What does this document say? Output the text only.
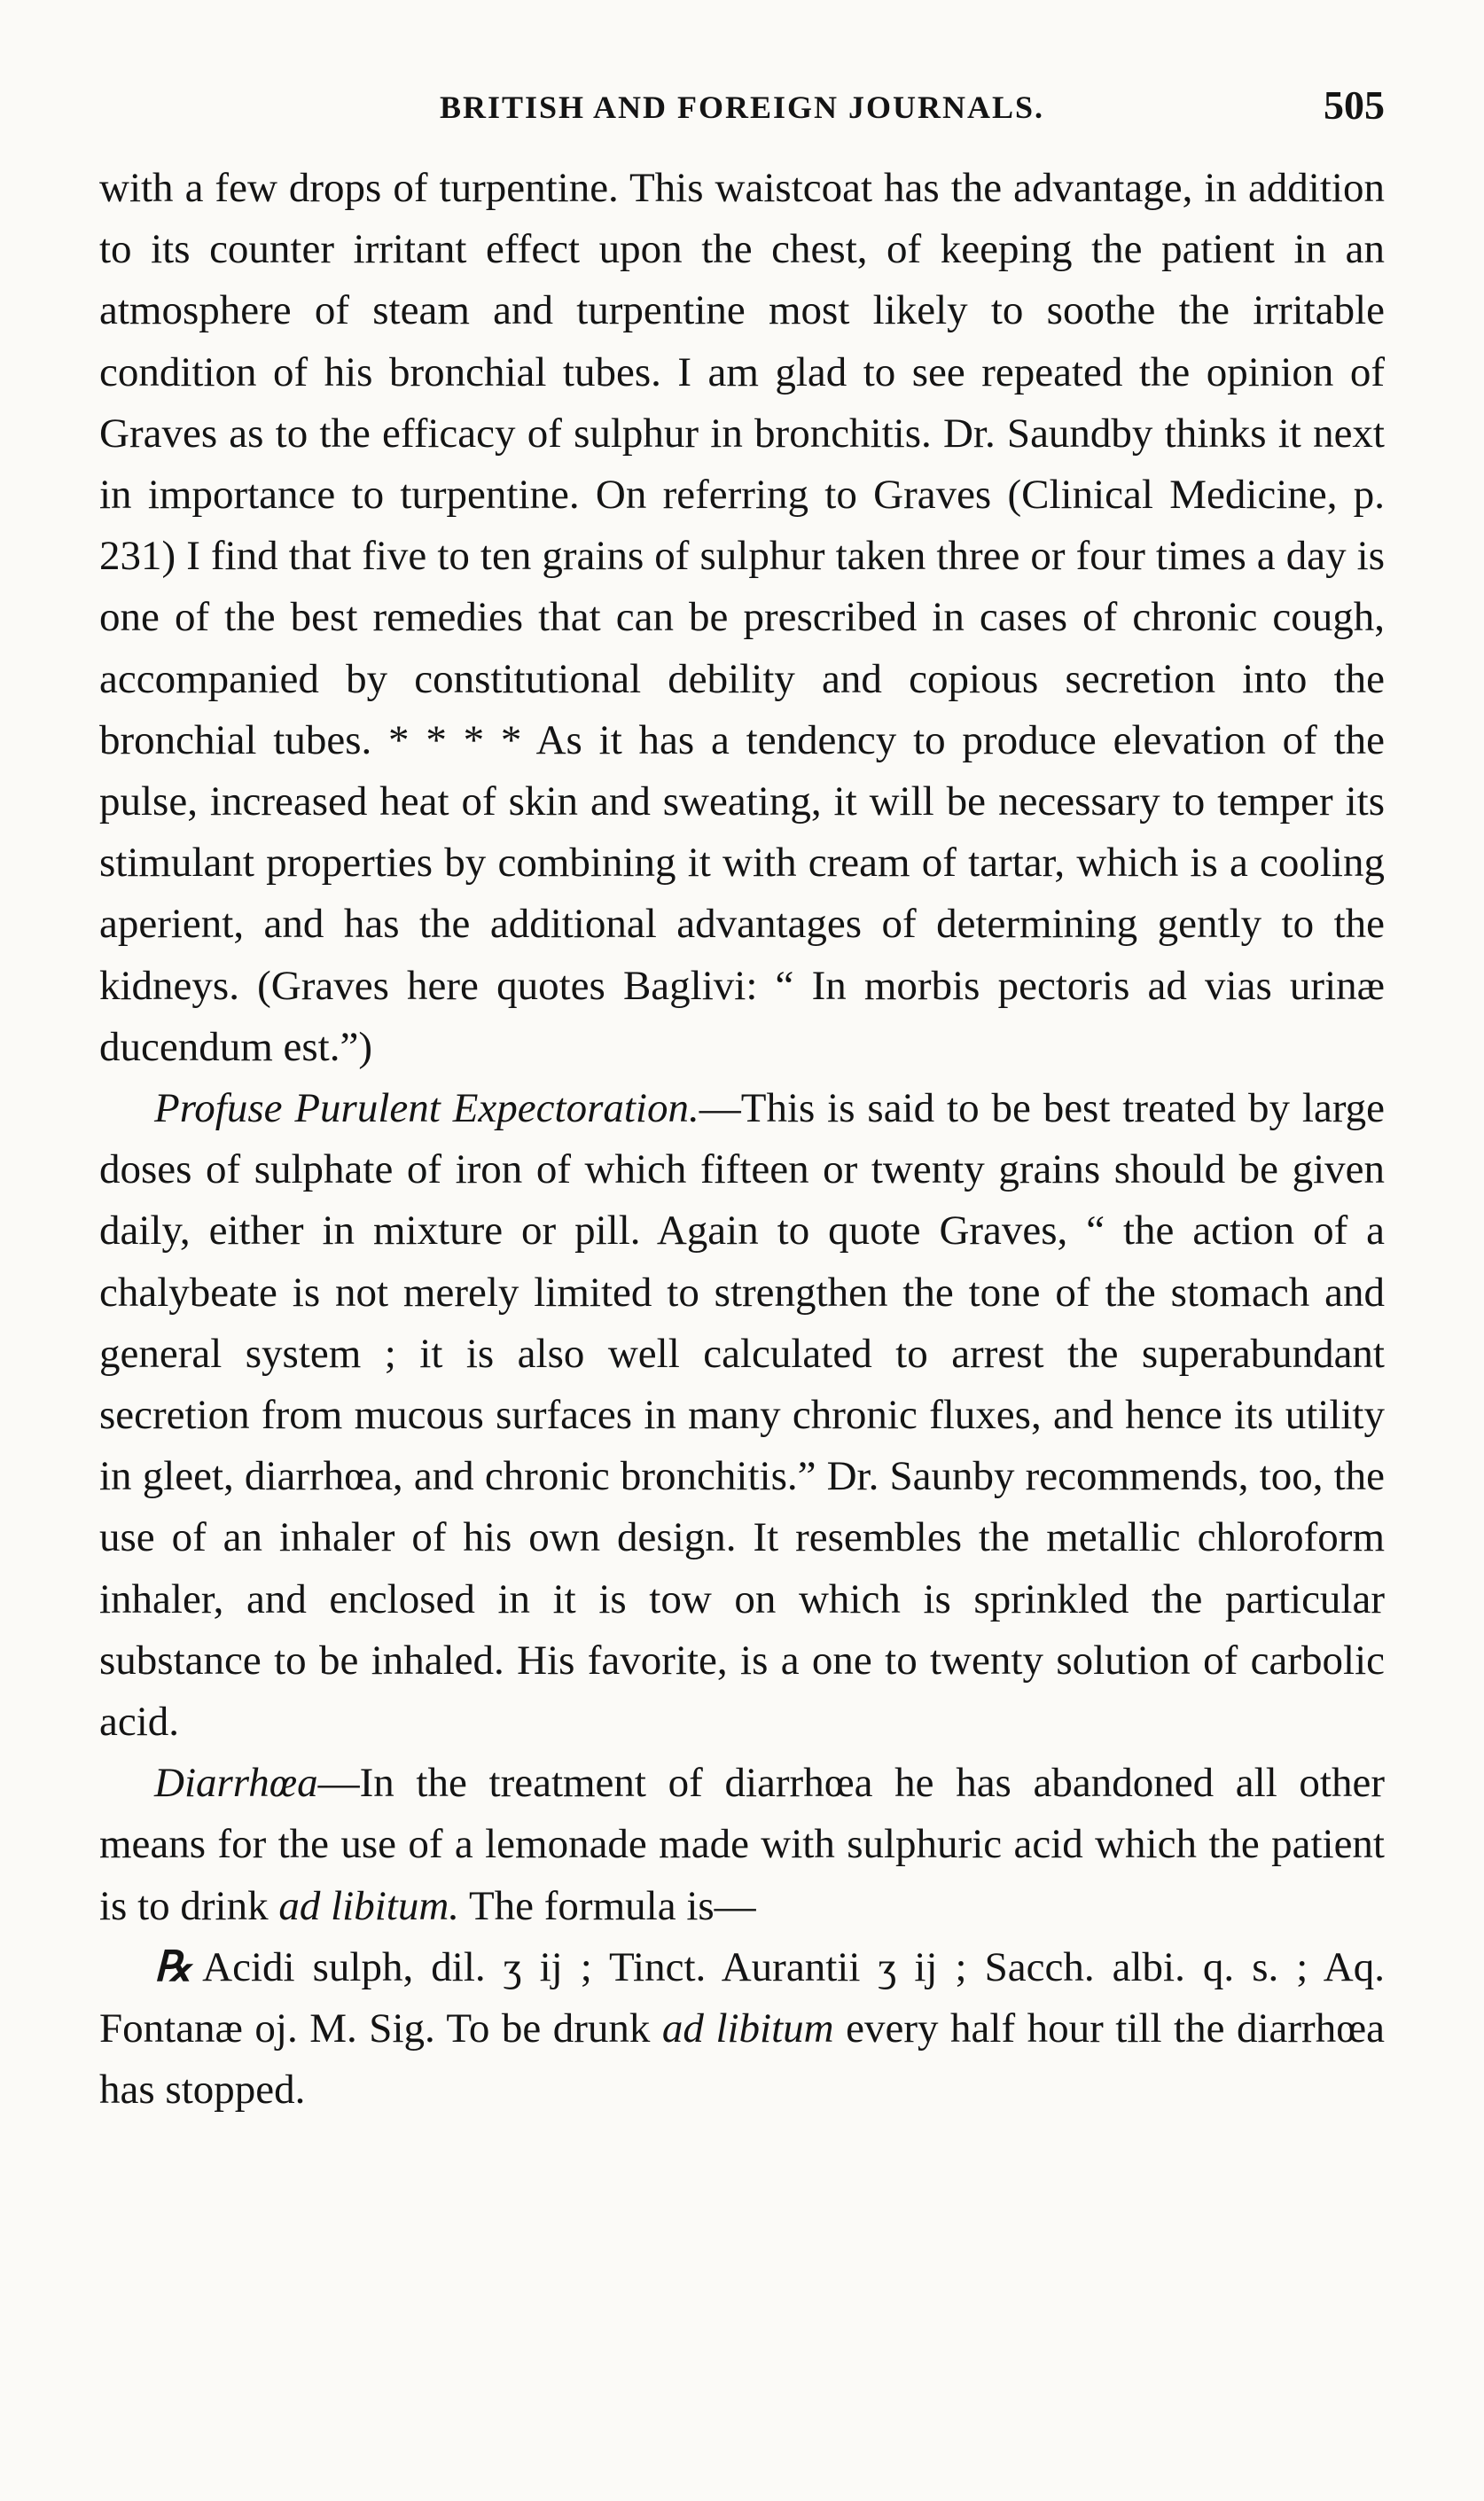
BRITISH AND FOREIGN JOURNALS.	505

with a few drops of turpentine. This waistcoat has the advantage, in addition to its counter irritant effect upon the chest, of keeping the patient in an atmosphere of steam and turpentine most likely to soothe the irritable condition of his bronchial tubes. I am glad to see repeated the opinion of Graves as to the efficacy of sulphur in bronchitis. Dr. Saundby thinks it next in importance to turpentine. On referring to Graves (Clinical Medicine, p. 231) I find that five to ten grains of sulphur taken three or four times a day is one of the best remedies that can be prescribed in cases of chronic cough, accompanied by constitutional debility and copious secretion into the bronchial tubes. * * * * As it has a tendency to produce elevation of the pulse, increased heat of skin and sweating, it will be necessary to temper its stimulant properties by combining it with cream of tartar, which is a cooling aperient, and has the additional advantages of determining gently to the kidneys. (Graves here quotes Baglivi: “ In morbis pectoris ad vias urinæ ducendum est.”)

Profuse Purulent Expectoration.—This is said to be best treated by large doses of sulphate of iron of which fifteen or twenty grains should be given daily, either in mixture or pill. Again to quote Graves, “ the action of a chalybeate is not merely limited to strengthen the tone of the stomach and general system ; it is also well calculated to arrest the superabundant secretion from mucous surfaces in many chronic fluxes, and hence its utility in gleet, diarrhœa, and chronic bronchitis.” Dr. Saunby recommends, too, the use of an inhaler of his own design. It resembles the metallic chloroform inhaler, and enclosed in it is tow on which is sprinkled the particular substance to be inhaled. His favorite, is a one to twenty solution of carbolic acid.

Diarrhœa—In the treatment of diarrhœa he has abandoned all other means for the use of a lemonade made with sulphuric acid which the patient is to drink ad libitum. The formula is—

℞ Acidi sulph, dil. ʒ ij ; Tinct. Aurantii ʒ ij ; Sacch. albi. q. s. ; Aq. Fontanæ oj. M. Sig. To be drunk ad libitum every half hour till the diarrhœa has stopped.
